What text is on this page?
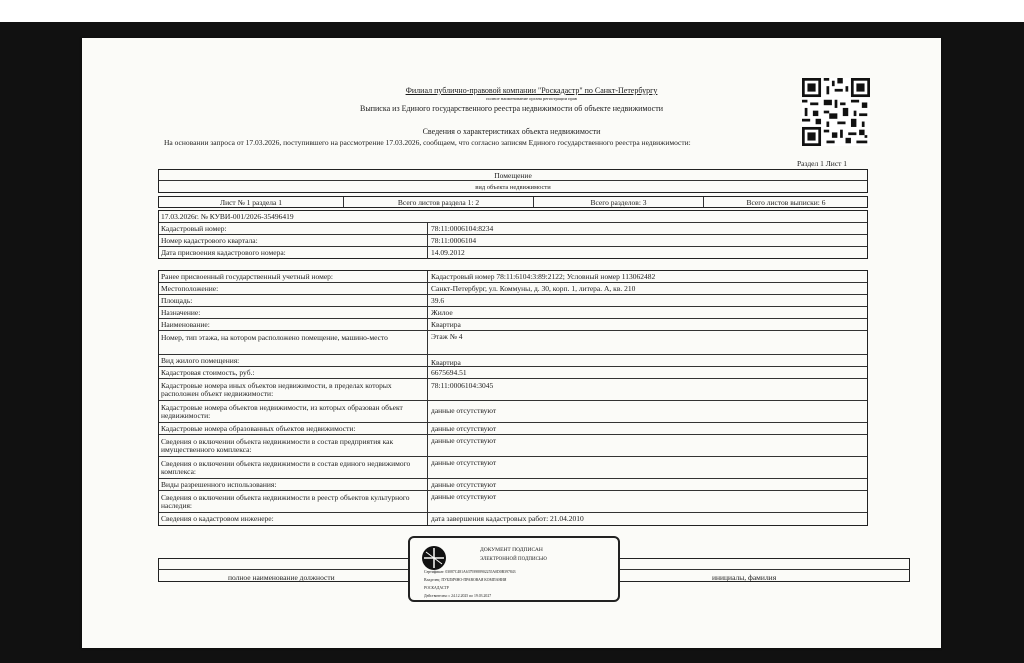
Филиал публично-правовой компании "Роскадастр" по Санкт-Петербургу
полное наименование органа регистрации прав
Выписка из Единого государственного реестра недвижимости об объекте недвижимости
Сведения о характеристиках объекта недвижимости
На основании запроса от 17.03.2026, поступившего на рассмотрение 17.03.2026, сообщаем, что согласно записям Единого государственного реестра недвижимости:
Раздел 1 Лист 1
Помещение
вид объекта недвижимости
Лист № 1 раздела 1	Всего листов раздела 1: 2	Всего разделов: 3	Всего листов выписки: 6
17.03.2026г. № КУВИ-001/2026-35496419
Кадастровый номер:	78:11:0006104:8234
Номер кадастрового квартала:	78:11:0006104
Дата присвоения кадастрового номера:	14.09.2012
Ранее присвоенный государственный учетный номер:	Кадастровый номер 78:11:6104:3:89:2122; Условный номер 113062482
Местоположение:	Санкт-Петербург, ул. Коммуны, д. 30, корп. 1, литера. А, кв. 210
Площадь:	39.6
Назначение:	Жилое
Наименование:	Квартира
Номер, тип этажа, на котором расположено помещение, машино-место	Этаж № 4
Вид жилого помещения:	Квартира
Кадастровая стоимость, руб.:	6675694.51
Кадастровые номера иных объектов недвижимости, в пределах которых расположен объект недвижимости:
78:11:0006104:3045
Кадастровые номера объектов недвижимости, из которых образован объект недвижимости:
данные отсутствуют
Кадастровые номера образованных объектов недвижимости:	данные отсутствуют
Сведения о включении объекта недвижимости в состав предприятия как имущественного комплекса:
данные отсутствуют
Сведения о включении объекта недвижимости в состав единого недвижимого комплекса:
данные отсутствуют
Виды разрешенного использования:	данные отсутствуют
Сведения о включении объекта недвижимости в реестр объектов культурного наследия:
данные отсутствуют
Сведения о кадастровом инженере:	дата завершения кадастровых работ: 21.04.2010
полное наименование должности	инициалы, фамилия
ДОКУМЕНТ ПОДПИСАН
ЭЛЕКТРОННОЙ ПОДПИСЬЮ
Сертификат: 03087C481A63793988902255A0D0B397843
Владелец: ПУБЛИЧНО-ПРАВОВАЯ КОМПАНИЯ
РОСКАДАСТР
Действителен: с 24.12.2025 по 19.03.2027
